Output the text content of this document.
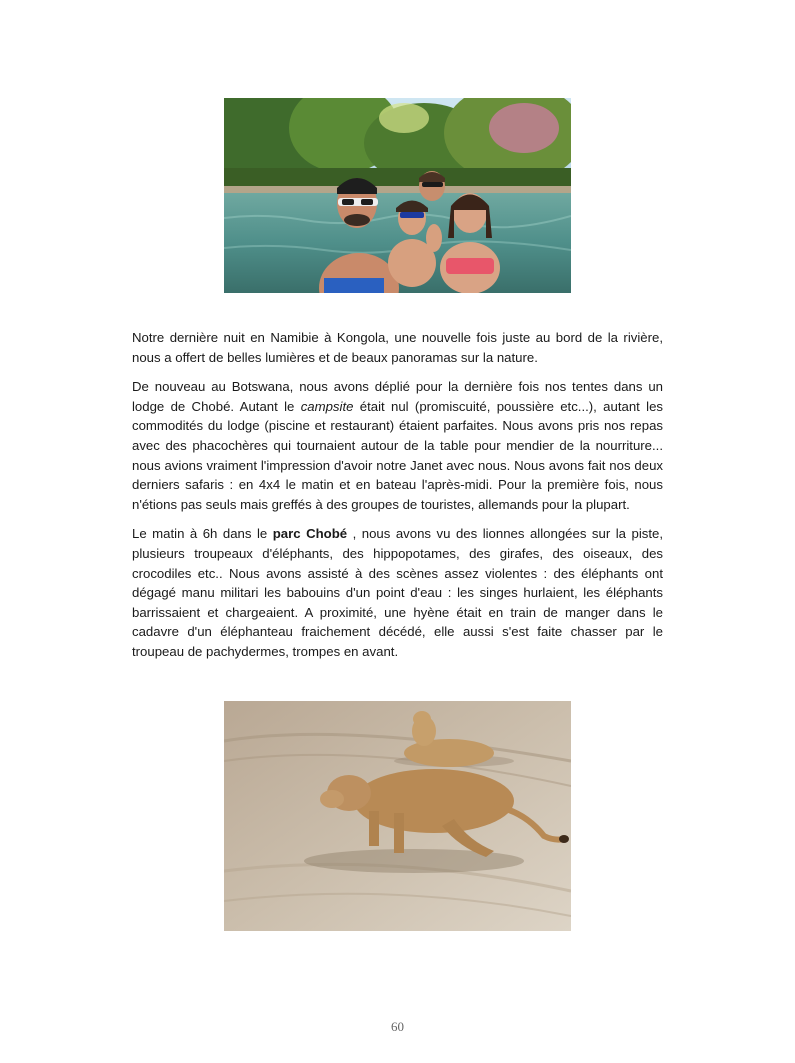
Notre dernière nuit en Namibie à Kongola, une nouvelle fois juste au bord de la rivière, nous a offert de belles lumières et de beaux panoramas sur la nature.

De nouveau au Botswana, nous avons déplié pour la dernière fois nos tentes dans un lodge de Chobé. Autant le campsite était nul (promiscuité, poussière etc...), autant les commodités du lodge (piscine et restaurant) étaient parfaites. Nous avons pris nos repas avec des phacochères qui tournaient autour de la table pour mendier de la nourriture... nous avions vraiment l'impression d'avoir notre Janet avec nous. Nous avons fait nos deux derniers safaris : en 4x4 le matin et en bateau l'après-midi. Pour la première fois, nous n'étions pas seuls mais greffés à des groupes de touristes, allemands pour la plupart.

Le matin à 6h dans le parc Chobé , nous avons vu des lionnes allongées sur la piste, plusieurs troupeaux d'éléphants, des hippopotames, des girafes, des oiseaux, des crocodiles etc.. Nous avons assisté à des scènes assez violentes : des éléphants ont dégagé manu militari les babouins d'un point d'eau : les singes hurlaient, les éléphants barrissaient et chargeaient. A proximité, une hyène était en train de manger dans le cadavre d'un éléphanteau fraichement décédé, elle aussi s'est faite chasser par le troupeau de pachydermes, trompes en avant.

60
